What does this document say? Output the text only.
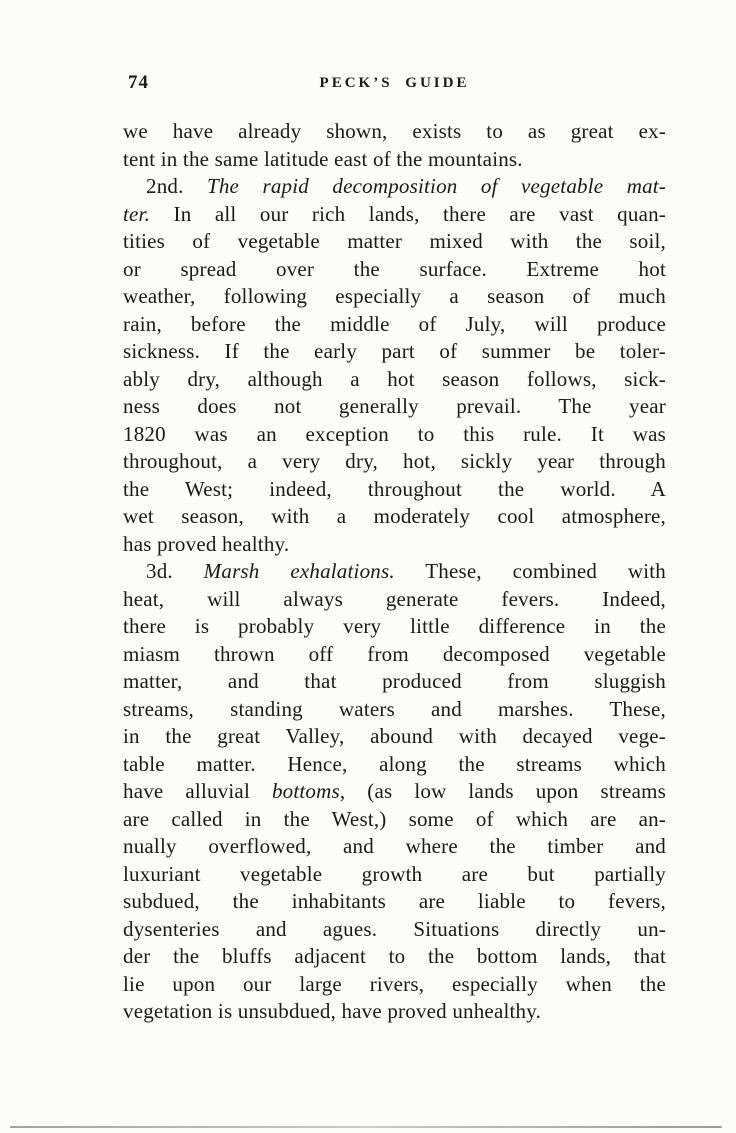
74	PECK’S GUIDE
we have already shown, exists to as great ex-
tent in the same latitude east of the mountains.
2nd. The rapid decomposition of vegetable mat-
ter. In all our rich lands, there are vast quan-
tities of vegetable matter mixed with the soil,
or spread over the surface. Extreme hot
weather, following especially a season of much
rain, before the middle of July, will produce
sickness. If the early part of summer be toler-
ably dry, although a hot season follows, sick-
ness does not generally prevail. The year
1820 was an exception to this rule. It was
throughout, a very dry, hot, sickly year through
the West; indeed, throughout the world. A
wet season, with a moderately cool atmosphere,
has proved healthy.
3d. Marsh exhalations. These, combined with
heat, will always generate fevers. Indeed,
there is probably very little difference in the
miasm thrown off from decomposed vegetable
matter, and that produced from sluggish
streams, standing waters and marshes. These,
in the great Valley, abound with decayed vege-
table matter. Hence, along the streams which
have alluvial bottoms, (as low lands upon streams
are called in the West,) some of which are an-
nually overflowed, and where the timber and
luxuriant vegetable growth are but partially
subdued, the inhabitants are liable to fevers,
dysenteries and agues. Situations directly un-
der the bluffs adjacent to the bottom lands, that
lie upon our large rivers, especially when the
vegetation is unsubdued, have proved unhealthy.
